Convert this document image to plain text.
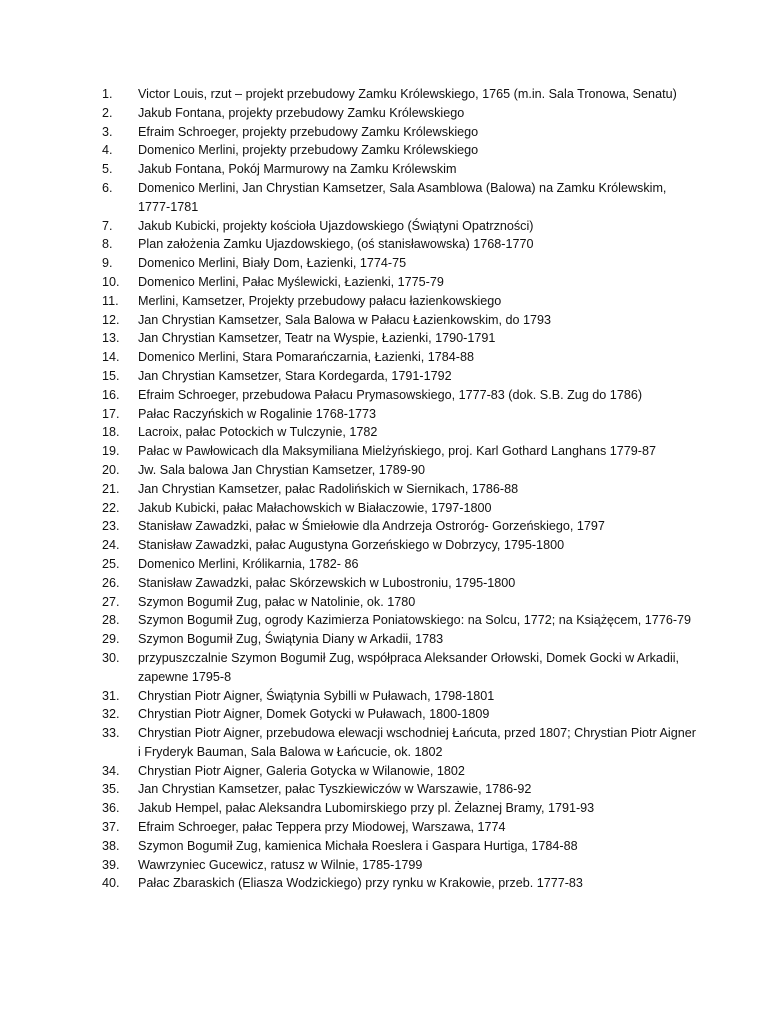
1.	Victor Louis, rzut – projekt przebudowy Zamku Królewskiego, 1765 (m.in. Sala Tronowa, Senatu)
2.	Jakub Fontana, projekty przebudowy Zamku Królewskiego
3.	Efraim Schroeger, projekty przebudowy Zamku Królewskiego
4.	Domenico Merlini, projekty przebudowy Zamku Królewskiego
5.	Jakub Fontana, Pokój Marmurowy na Zamku Królewskim
6.	Domenico Merlini, Jan Chrystian Kamsetzer, Sala Asamblowa (Balowa) na Zamku Królewskim, 1777-1781
7.	Jakub Kubicki, projekty kościoła Ujazdowskiego (Świątyni Opatrzności)
8.	Plan założenia Zamku Ujazdowskiego, (oś stanisławowska) 1768-1770
9.	Domenico Merlini, Biały Dom, Łazienki, 1774-75
10.	Domenico Merlini, Pałac Myślewicki, Łazienki, 1775-79
11.	Merlini, Kamsetzer, Projekty przebudowy pałacu łazienkowskiego
12.	Jan Chrystian Kamsetzer, Sala Balowa w Pałacu Łazienkowskim, do 1793
13.	Jan Chrystian Kamsetzer, Teatr na Wyspie, Łazienki, 1790-1791
14.	Domenico Merlini, Stara Pomarańczarnia, Łazienki, 1784-88
15.	Jan Chrystian Kamsetzer, Stara Kordegarda, 1791-1792
16.	Efraim Schroeger, przebudowa Pałacu Prymasowskiego, 1777-83 (dok. S.B. Zug do 1786)
17.	Pałac Raczyńskich w Rogalinie 1768-1773
18.	Lacroix, pałac Potockich w Tulczynie, 1782
19.	Pałac w Pawłowicach dla Maksymiliana Mielżyńskiego, proj. Karl Gothard Langhans 1779-87
20.	Jw. Sala balowa Jan Chrystian Kamsetzer, 1789-90
21.	Jan Chrystian Kamsetzer, pałac Radolińskich w Siernikach, 1786-88
22.	Jakub Kubicki, pałac Małachowskich w Białaczowie, 1797-1800
23.	Stanisław Zawadzki, pałac w Śmiełowie dla Andrzeja Ostroróg- Gorzeńskiego, 1797
24.	Stanisław Zawadzki, pałac Augustyna Gorzeńskiego w Dobrzycy, 1795-1800
25.	Domenico Merlini, Królikarnia, 1782- 86
26.	Stanisław Zawadzki, pałac Skórzewskich w Lubostroniu, 1795-1800
27.	Szymon Bogumił Zug, pałac w Natolinie, ok. 1780
28.	Szymon Bogumił Zug, ogrody Kazimierza Poniatowskiego: na Solcu, 1772; na Książęcem, 1776-79
29.	Szymon Bogumił Zug, Świątynia Diany w Arkadii, 1783
30.	przypuszczalnie Szymon Bogumił Zug, współpraca Aleksander Orłowski, Domek Gocki w Arkadii, zapewne 1795-8
31.	Chrystian Piotr Aigner, Świątynia Sybilli w Puławach, 1798-1801
32.	Chrystian Piotr Aigner, Domek Gotycki w Puławach, 1800-1809
33.	Chrystian Piotr Aigner, przebudowa elewacji wschodniej Łańcuta, przed 1807; Chrystian Piotr Aigner i Fryderyk Bauman, Sala Balowa w Łańcucie, ok. 1802
34.	Chrystian Piotr Aigner, Galeria Gotycka w Wilanowie, 1802
35.	Jan Chrystian Kamsetzer, pałac Tyszkiewiczów w Warszawie, 1786-92
36.	Jakub Hempel, pałac Aleksandra Lubomirskiego przy pl. Żelaznej Bramy, 1791-93
37.	Efraim Schroeger, pałac Teppera przy Miodowej, Warszawa, 1774
38.	Szymon Bogumił Zug, kamienica Michała Roeslera i Gaspara Hurtiga, 1784-88
39.	Wawrzyniec Gucewicz, ratusz w Wilnie, 1785-1799
40.	Pałac Zbaraskich (Eliasza Wodzickiego) przy rynku w Krakowie, przeb. 1777-83
